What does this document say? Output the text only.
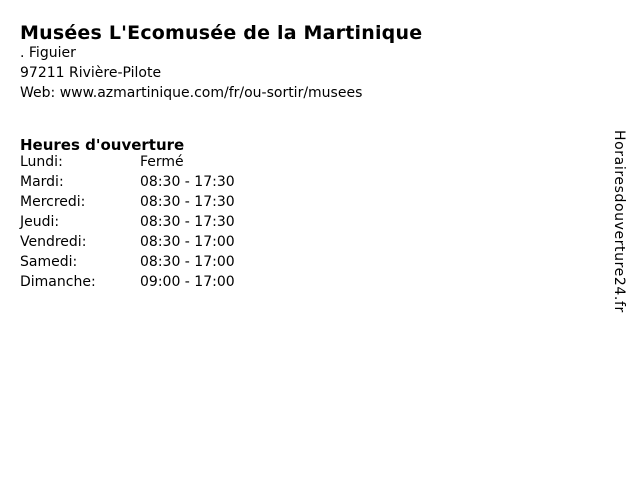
Musées L'Ecomusée de la Martinique
. Figuier
97211 Rivière-Pilote
Web: www.azmartinique.com/fr/ou-sortir/musees
Heures d'ouverture
Lundi:	Fermé
Mardi:	08:30 - 17:30
Mercredi:	08:30 - 17:30
Jeudi:	08:30 - 17:30
Vendredi:	08:30 - 17:00
Samedi:	08:30 - 17:00
Dimanche:	09:00 - 17:00	Horairesdouverture24.fr
